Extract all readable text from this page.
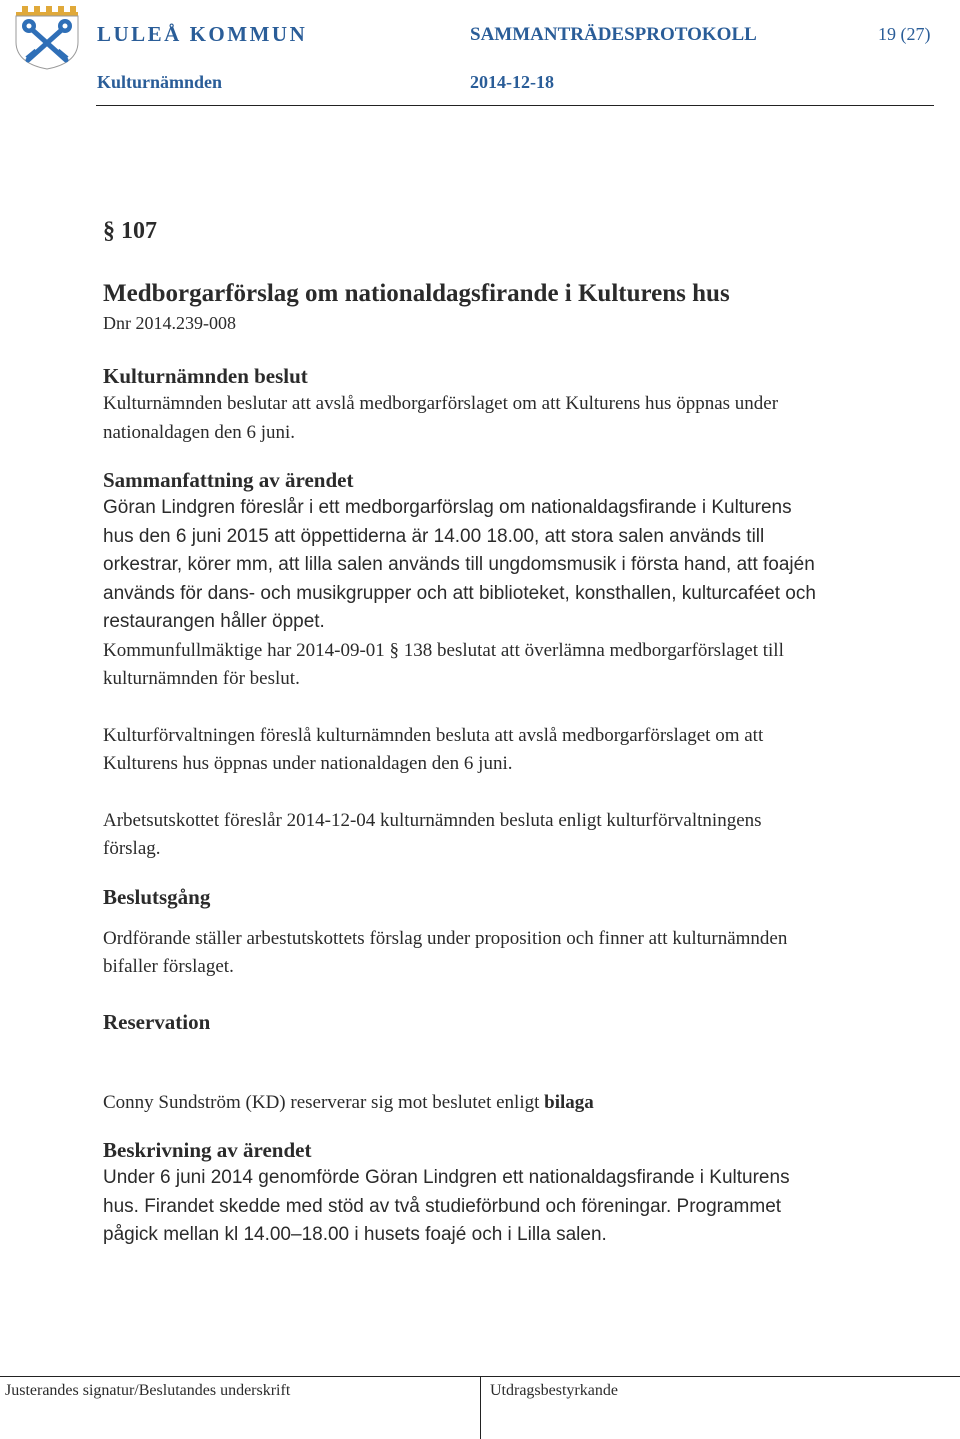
LULEÅ KOMMUN
Kulturnämnden
SAMMANTRÄDESPROTOKOLL
2014-12-18
19 (27)
§ 107
Medborgarförslag om nationaldagsfirande i Kulturens hus
Dnr 2014.239-008
Kulturnämnden beslut

Kulturnämnden beslutar att avslå medborgarförslaget om att Kulturens hus öppnas under nationaldagen den 6 juni.

Sammanfattning av ärendet

Göran Lindgren föreslår i ett medborgarförslag om nationaldagsfirande i Kulturens hus den 6 juni 2015 att öppettiderna är 14.00 18.00, att stora salen används till orkestrar, körer mm, att lilla salen används till ungdomsmusik i första hand, att foajén används för dans- och musikgrupper och att biblioteket, konsthallen, kulturcaféet och restaurangen håller öppet.

Kommunfullmäktige har 2014-09-01 § 138 beslutat att överlämna medborgarförslaget till kulturnämnden för beslut.

Kulturförvaltningen föreslå kulturnämnden besluta att avslå medborgarförslaget om att Kulturens hus öppnas under nationaldagen den 6 juni.

Arbetsutskottet föreslår 2014-12-04 kulturnämnden besluta enligt kulturförvaltningens förslag.

Beslutsgång

Ordförande ställer arbestutskottets förslag under proposition och finner att kulturnämnden bifaller förslaget.

Reservation

Conny Sundström (KD) reserverar sig mot beslutet enligt bilaga

Beskrivning av ärendet

Under 6 juni 2014 genomförde Göran Lindgren ett nationaldagsfirande i Kulturens hus. Firandet skedde med stöd av två studieförbund och föreningar. Programmet pågick mellan kl 14.00–18.00 i husets foajé och i Lilla salen.

Justerandes signatur/Beslutandes underskrift	Utdragsbestyrkande
